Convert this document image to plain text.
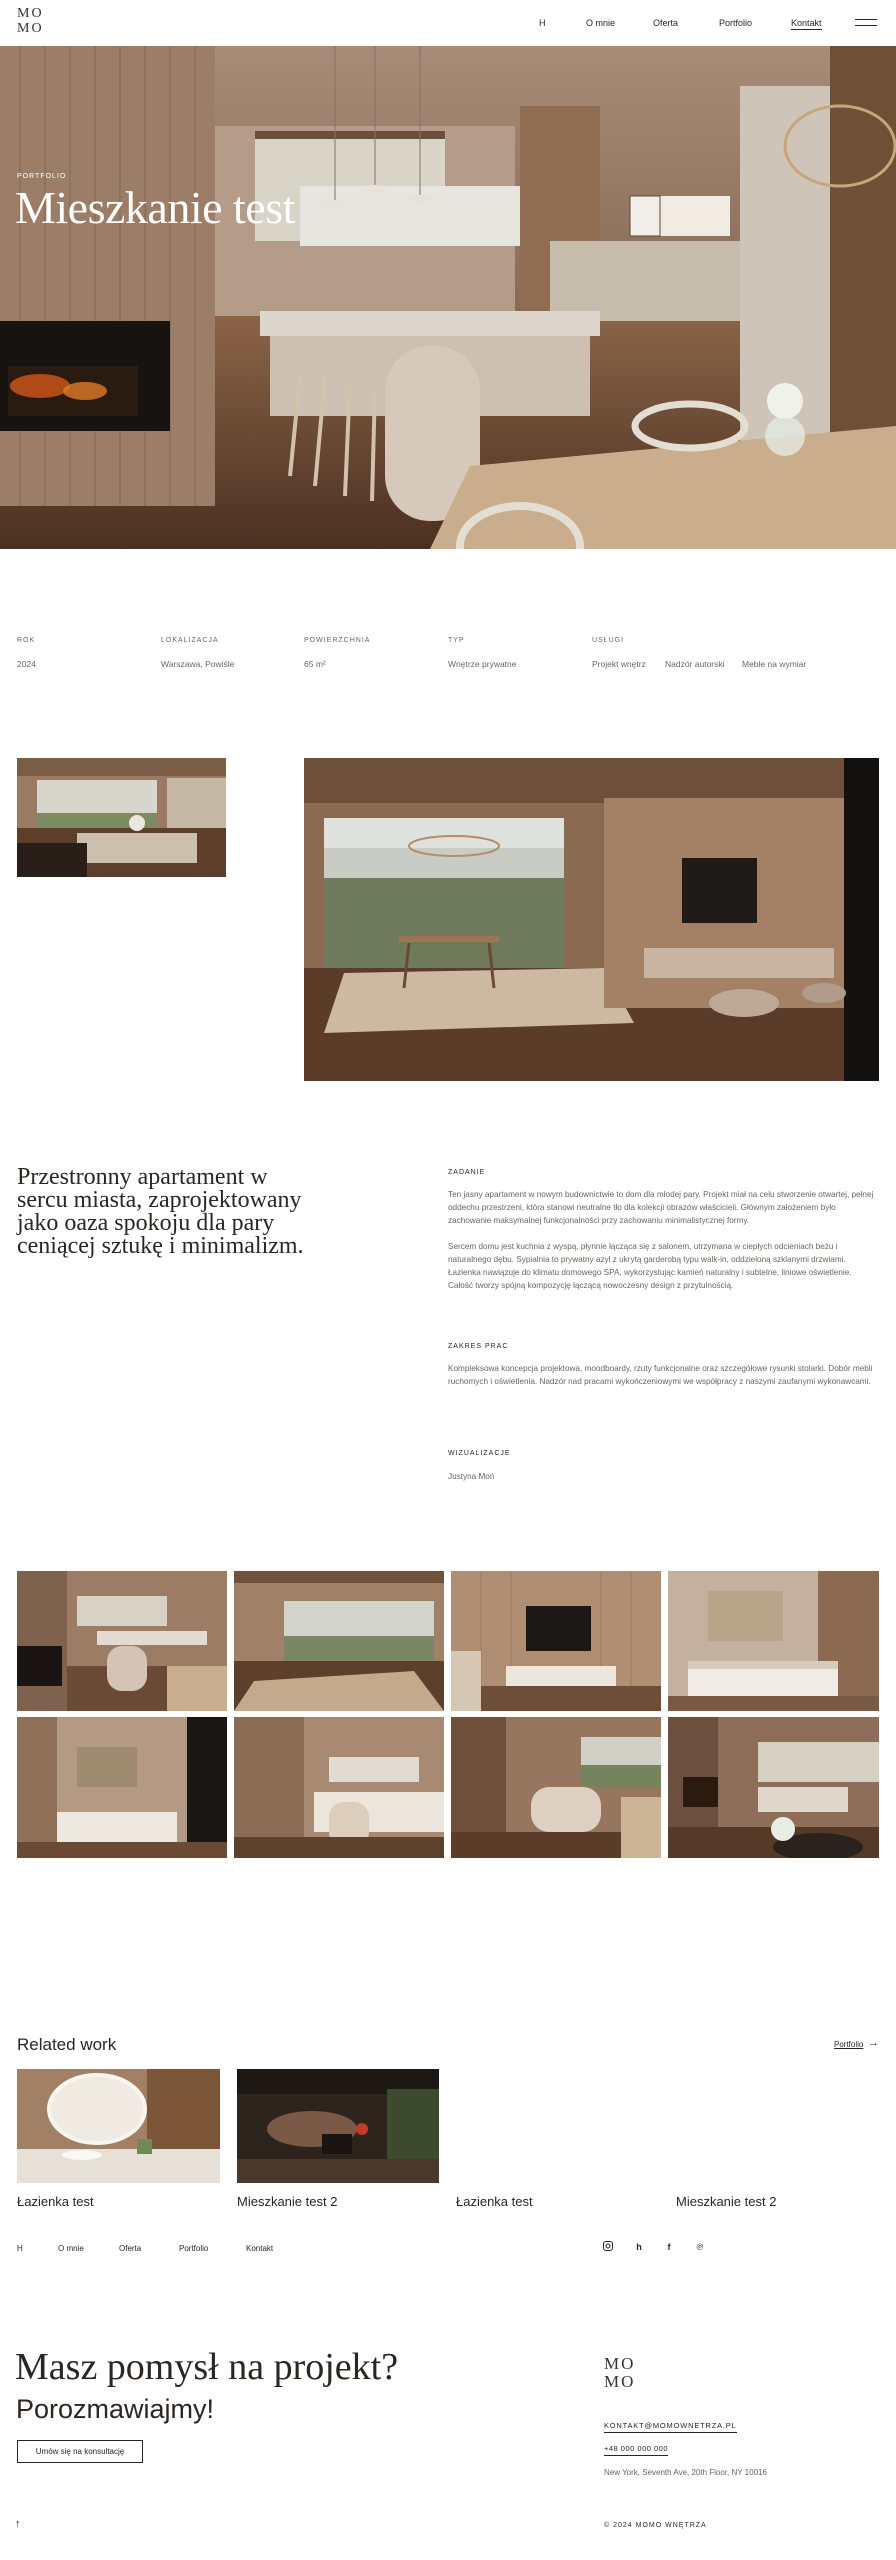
MO
MO	H	O mnie	Oferta	Portfolio	Kontakt
PORTFOLIO
Mieszkanie test
ROK
2024
LOKALIZACJA
Warszawa, Powiśle
POWIERZCHNIA
65 m²
TYP
Wnętrze prywatne
USŁUGI
Projekt wnętrz Nadzór autorski Meble na wymiar
Przestronny apartament w sercu miasta, zaprojektowany jako oaza spokoju dla pary ceniącej sztukę i minimalizm.
ZADANIE
Ten jasny apartament w nowym budownictwie to dom dla młodej pary. Projekt miał na celu stworzenie otwartej, pełnej oddechu przestrzeni, która stanowi neutralne tło dla kolekcji obrazów właścicieli. Głównym założeniem było zachowanie maksymalnej funkcjonalności przy zachowaniu minimalistycznej formy.
Sercem domu jest kuchnia z wyspą, płynnie łącząca się z salonem, utrzymana w ciepłych odcieniach beżu i naturalnego dębu. Sypialnia to prywatny azyl z ukrytą garderobą typu walk-in, oddzieloną szklanymi drzwiami. Łazienka nawiązuje do klimatu domowego SPA, wykorzystując kamień naturalny i subtelne, liniowe oświetlenie. Całość tworzy spójną kompozycję łączącą nowoczesny design z przytulnością.
ZAKRES PRAC
Kompleksowa koncepcja projektowa, moodboardy, rzuty funkcjonalne oraz szczegółowe rysunki stolarki. Dobór mebli ruchomych i oświetlenia. Nadzór nad pracami wykończeniowymi we współpracy z naszymi zaufanymi wykonawcami.
WIZUALIZACJE
Justyna Moń
Related work	Portfolio →
Łazienka test	Mieszkanie test 2	Łazienka test	Mieszkanie test 2
H	O mnie	Oferta	Portfolio	Kontakt	h	f	℗
Masz pomysł na projekt?
Porozmawiajmy!
Umów się na konsultację
MO
MO
KONTAKT@MOMOWNETRZA.PL
+48 000 000 000
New York, Seventh Ave, 20th Floor, NY 10016
© 2024 MOMO WNĘTRZA
↑
